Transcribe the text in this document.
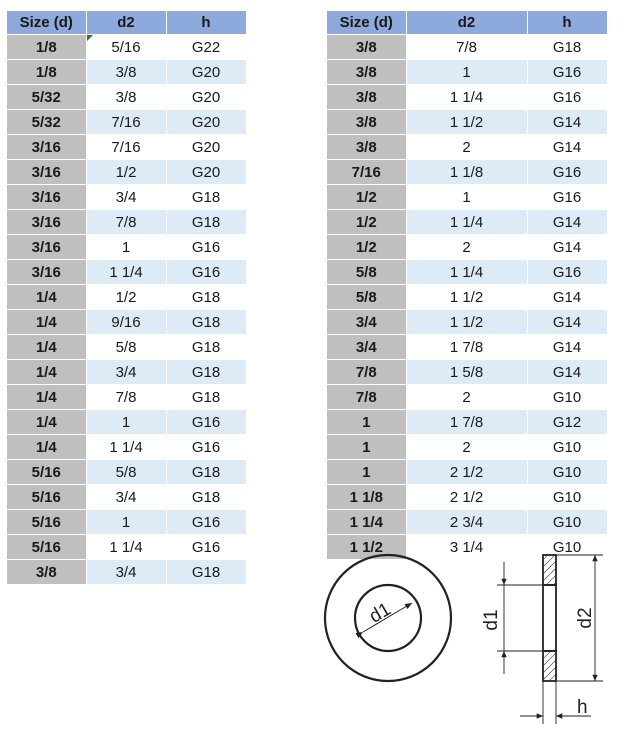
Size (d)	d2	h
1/8	5/16	G22
1/8	3/8	G20
5/32	3/8	G20
5/32	7/16	G20
3/16	7/16	G20
3/16	1/2	G20
3/16	3/4	G18
3/16	7/8	G18
3/16	1	G16
3/16	1 1/4	G16
1/4	1/2	G18
1/4	9/16	G18
1/4	5/8	G18
1/4	3/4	G18
1/4	7/8	G18
1/4	1	G16
1/4	1 1/4	G16
5/16	5/8	G18
5/16	3/4	G18
5/16	1	G16
5/16	1 1/4	G16
3/8	3/4	G18
Size (d)	d2	h
3/8	7/8	G18
3/8	1	G16
3/8	1 1/4	G16
3/8	1 1/2	G14
3/8	2	G14
7/16	1 1/8	G16
1/2	1	G16
1/2	1 1/4	G14
1/2	2	G14
5/8	1 1/4	G16
5/8	1 1/2	G14
3/4	1 1/2	G14
3/4	1 7/8	G14
7/8	1 5/8	G14
7/8	2	G10
1	1 7/8	G12
1	2	G10
1	2 1/2	G10
1 1/8	2 1/2	G10
1 1/4	2 3/4	G10
1 1/2	3 1/4	G10
d1	d1	d2
h
